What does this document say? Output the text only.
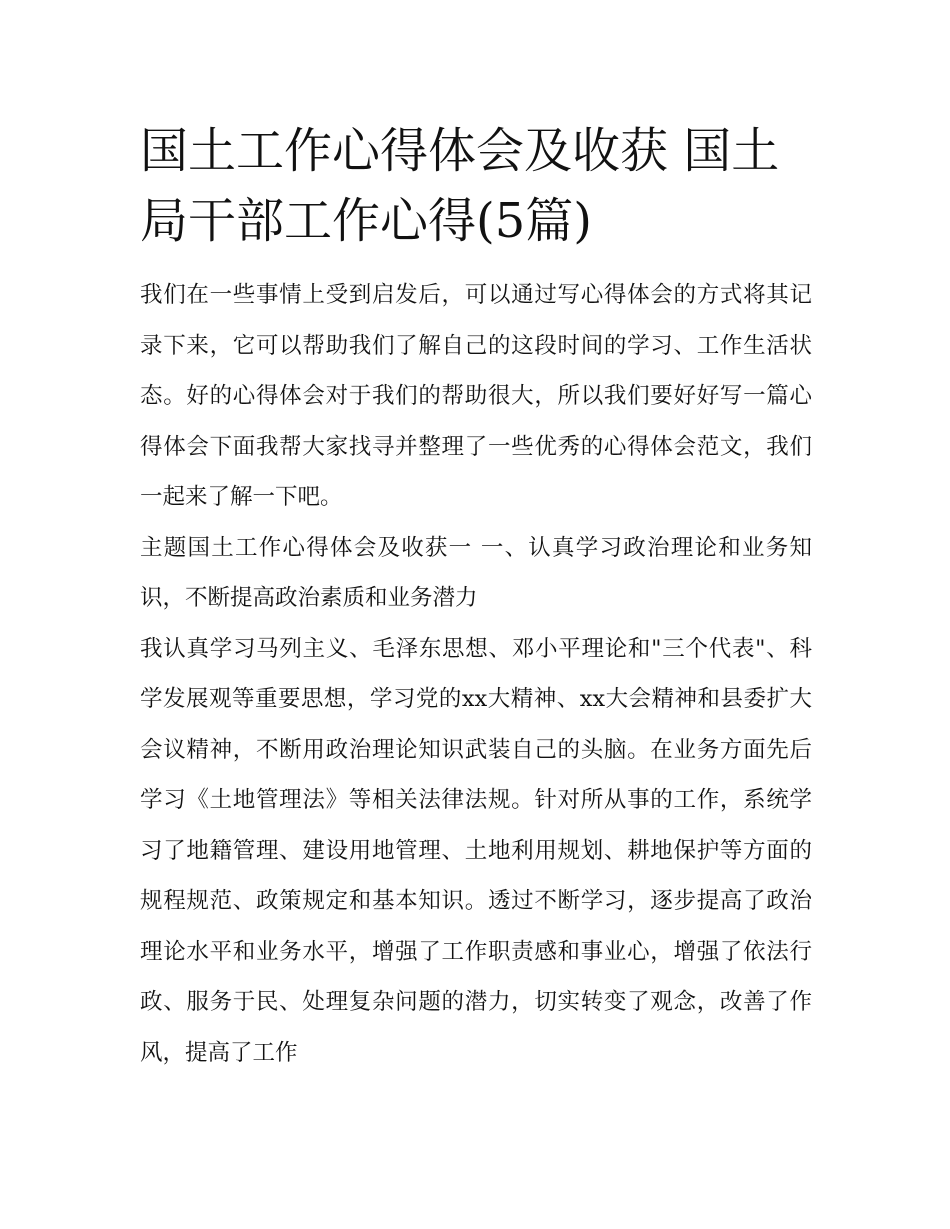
国土工作心得体会及收获 国土局干部工作心得(5篇)

我们在一些事情上受到启发后，可以通过写心得体会的方式将其记录下来，它可以帮助我们了解自己的这段时间的学习、工作生活状态。好的心得体会对于我们的帮助很大，所以我们要好好写一篇心得体会下面我帮大家找寻并整理了一些优秀的心得体会范文，我们一起来了解一下吧。

主题国土工作心得体会及收获一 一、认真学习政治理论和业务知识，不断提高政治素质和业务潜力

我认真学习马列主义、毛泽东思想、邓小平理论和"三个代表"、科学发展观等重要思想，学习党的xx大精神、xx大会精神和县委扩大会议精神，不断用政治理论知识武装自己的头脑。在业务方面先后学习《土地管理法》等相关法律法规。针对所从事的工作，系统学习了地籍管理、建设用地管理、土地利用规划、耕地保护等方面的规程规范、政策规定和基本知识。透过不断学习，逐步提高了政治理论水平和业务水平，增强了工作职责感和事业心，增强了依法行政、服务于民、处理复杂问题的潜力，切实转变了观念，改善了作风，提高了工作
